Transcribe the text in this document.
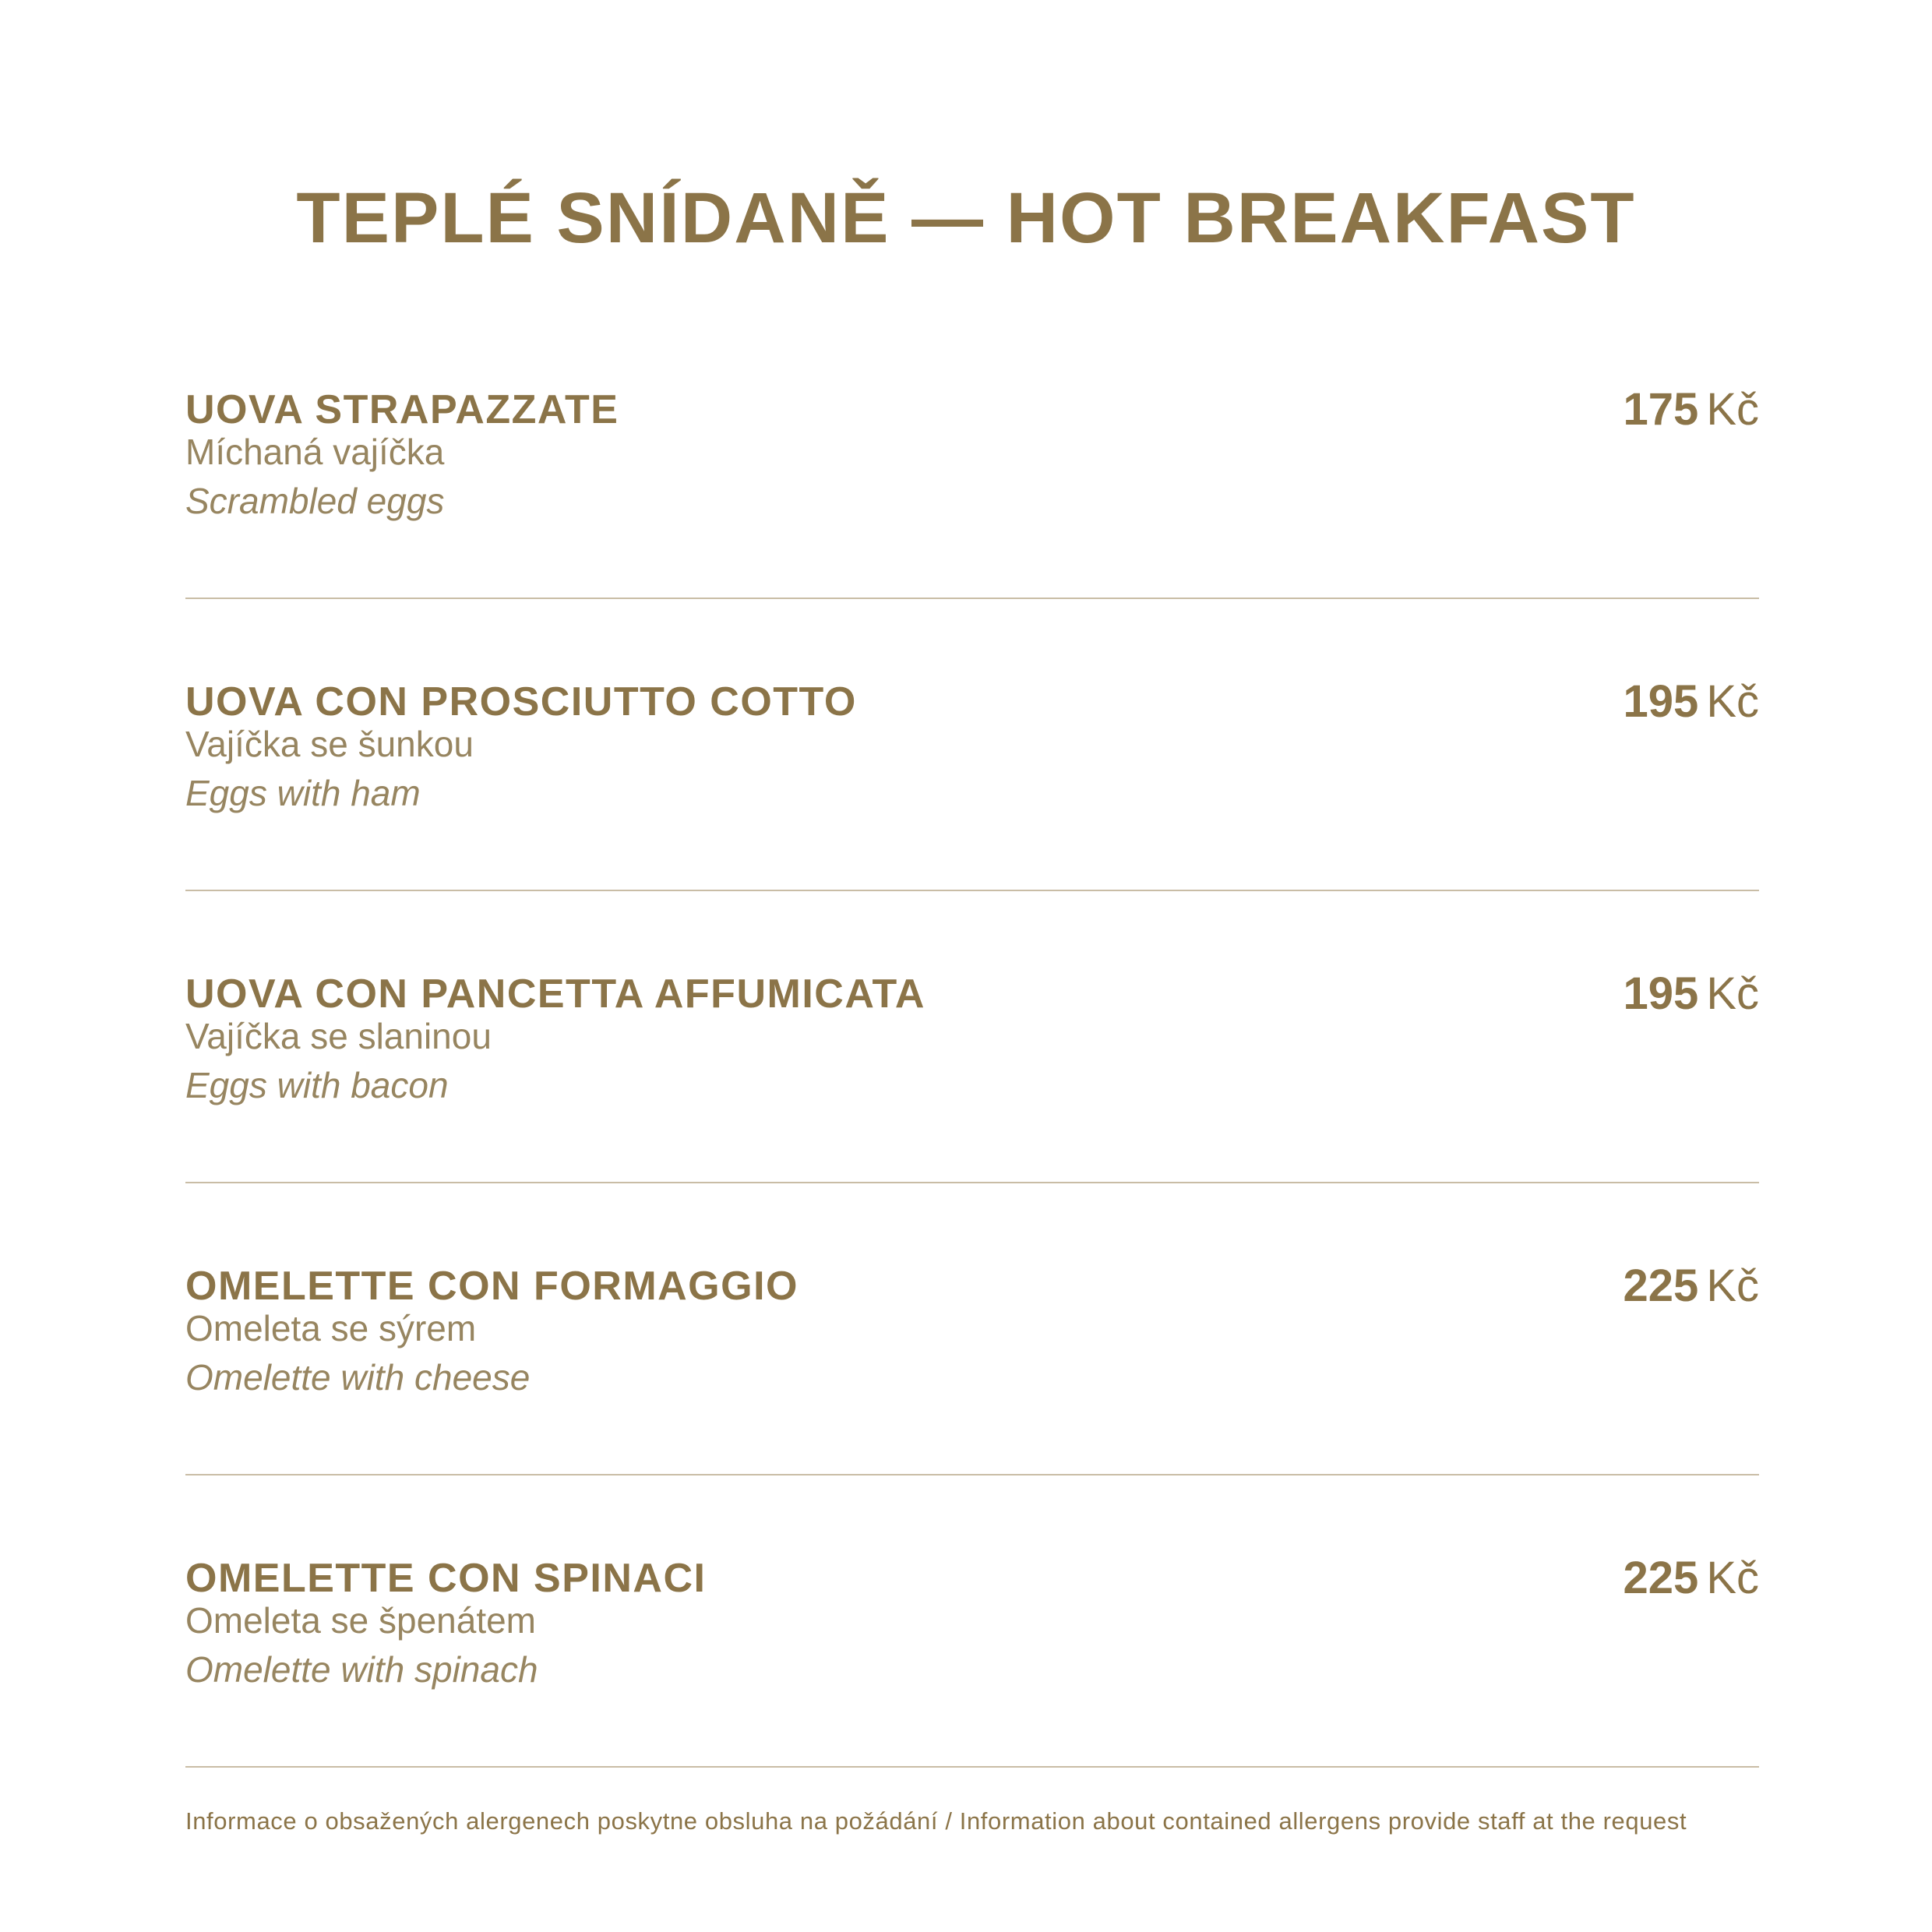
TEPLÉ SNÍDANĚ — HOT BREAKFAST
UOVA STRAPAZZATE
Míchaná vajíčka
Scrambled eggs
175 Kč
UOVA CON PROSCIUTTO COTTO
Vajíčka se šunkou
Eggs with ham
195 Kč
UOVA CON PANCETTA AFFUMICATA
Vajíčka se slaninou
Eggs with bacon
195 Kč
OMELETTE CON FORMAGGIO
Omeleta se sýrem
Omelette with cheese
225 Kč
OMELETTE CON SPINACI
Omeleta se špenátem
Omelette with spinach
225 Kč
Informace o obsažených alergenech poskytne obsluha na požádání / Information about contained allergens provide staff at the request
